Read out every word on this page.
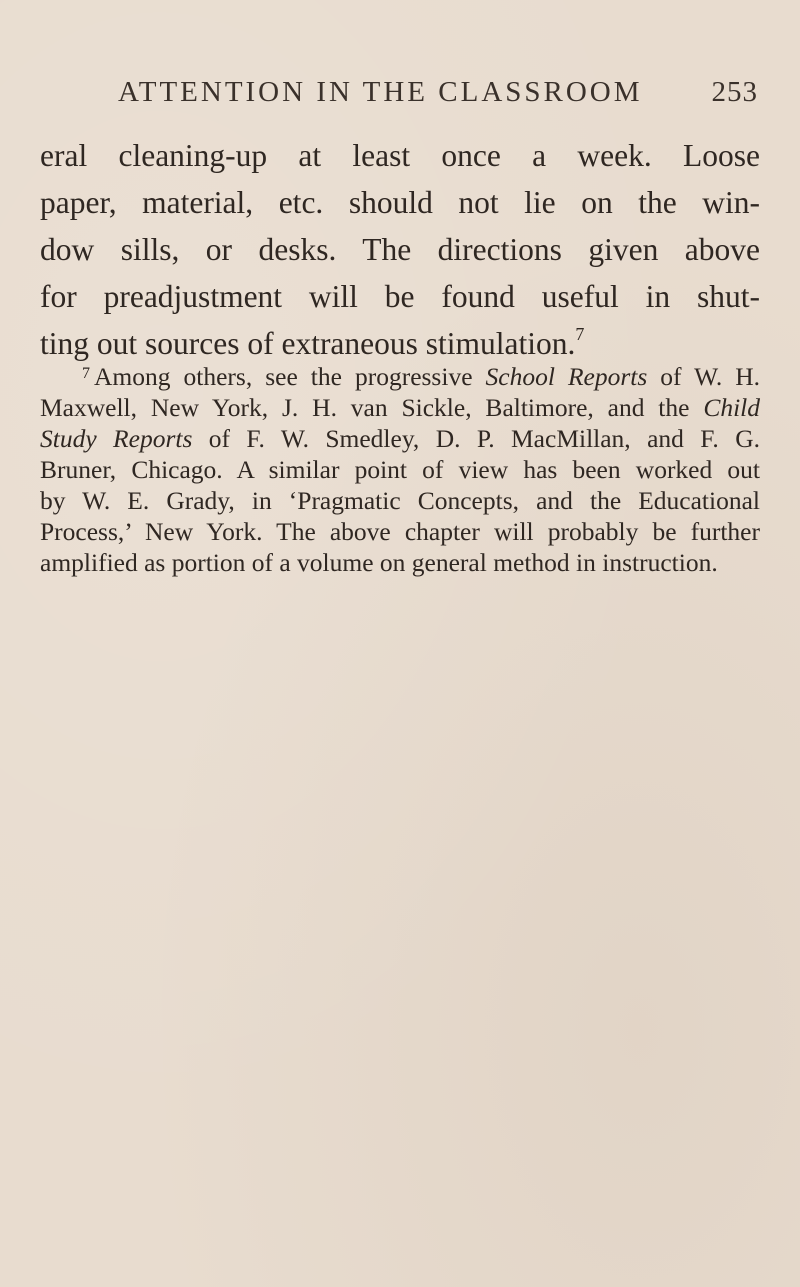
ATTENTION IN THE CLASSROOM 253
eral cleaning-up at least once a week. Loose
paper, material, etc. should not lie on the win-
dow sills, or desks. The directions given above
for preadjustment will be found useful in shut-
ting out sources of extraneous stimulation.$^7$
$^7$ Among others, see the progressive School Reports of W. H.
Maxwell, New York, J. H. van Sickle, Baltimore, and the Child
Study Reports of F. W. Smedley, D. P. MacMillan, and F. G.
Bruner, Chicago. A similar point of view has been worked out
by W. E. Grady, in ‘Pragmatic Concepts, and the Educational
Process,’ New York. The above chapter will probably be further
amplified as portion of a volume on general method in instruction.
